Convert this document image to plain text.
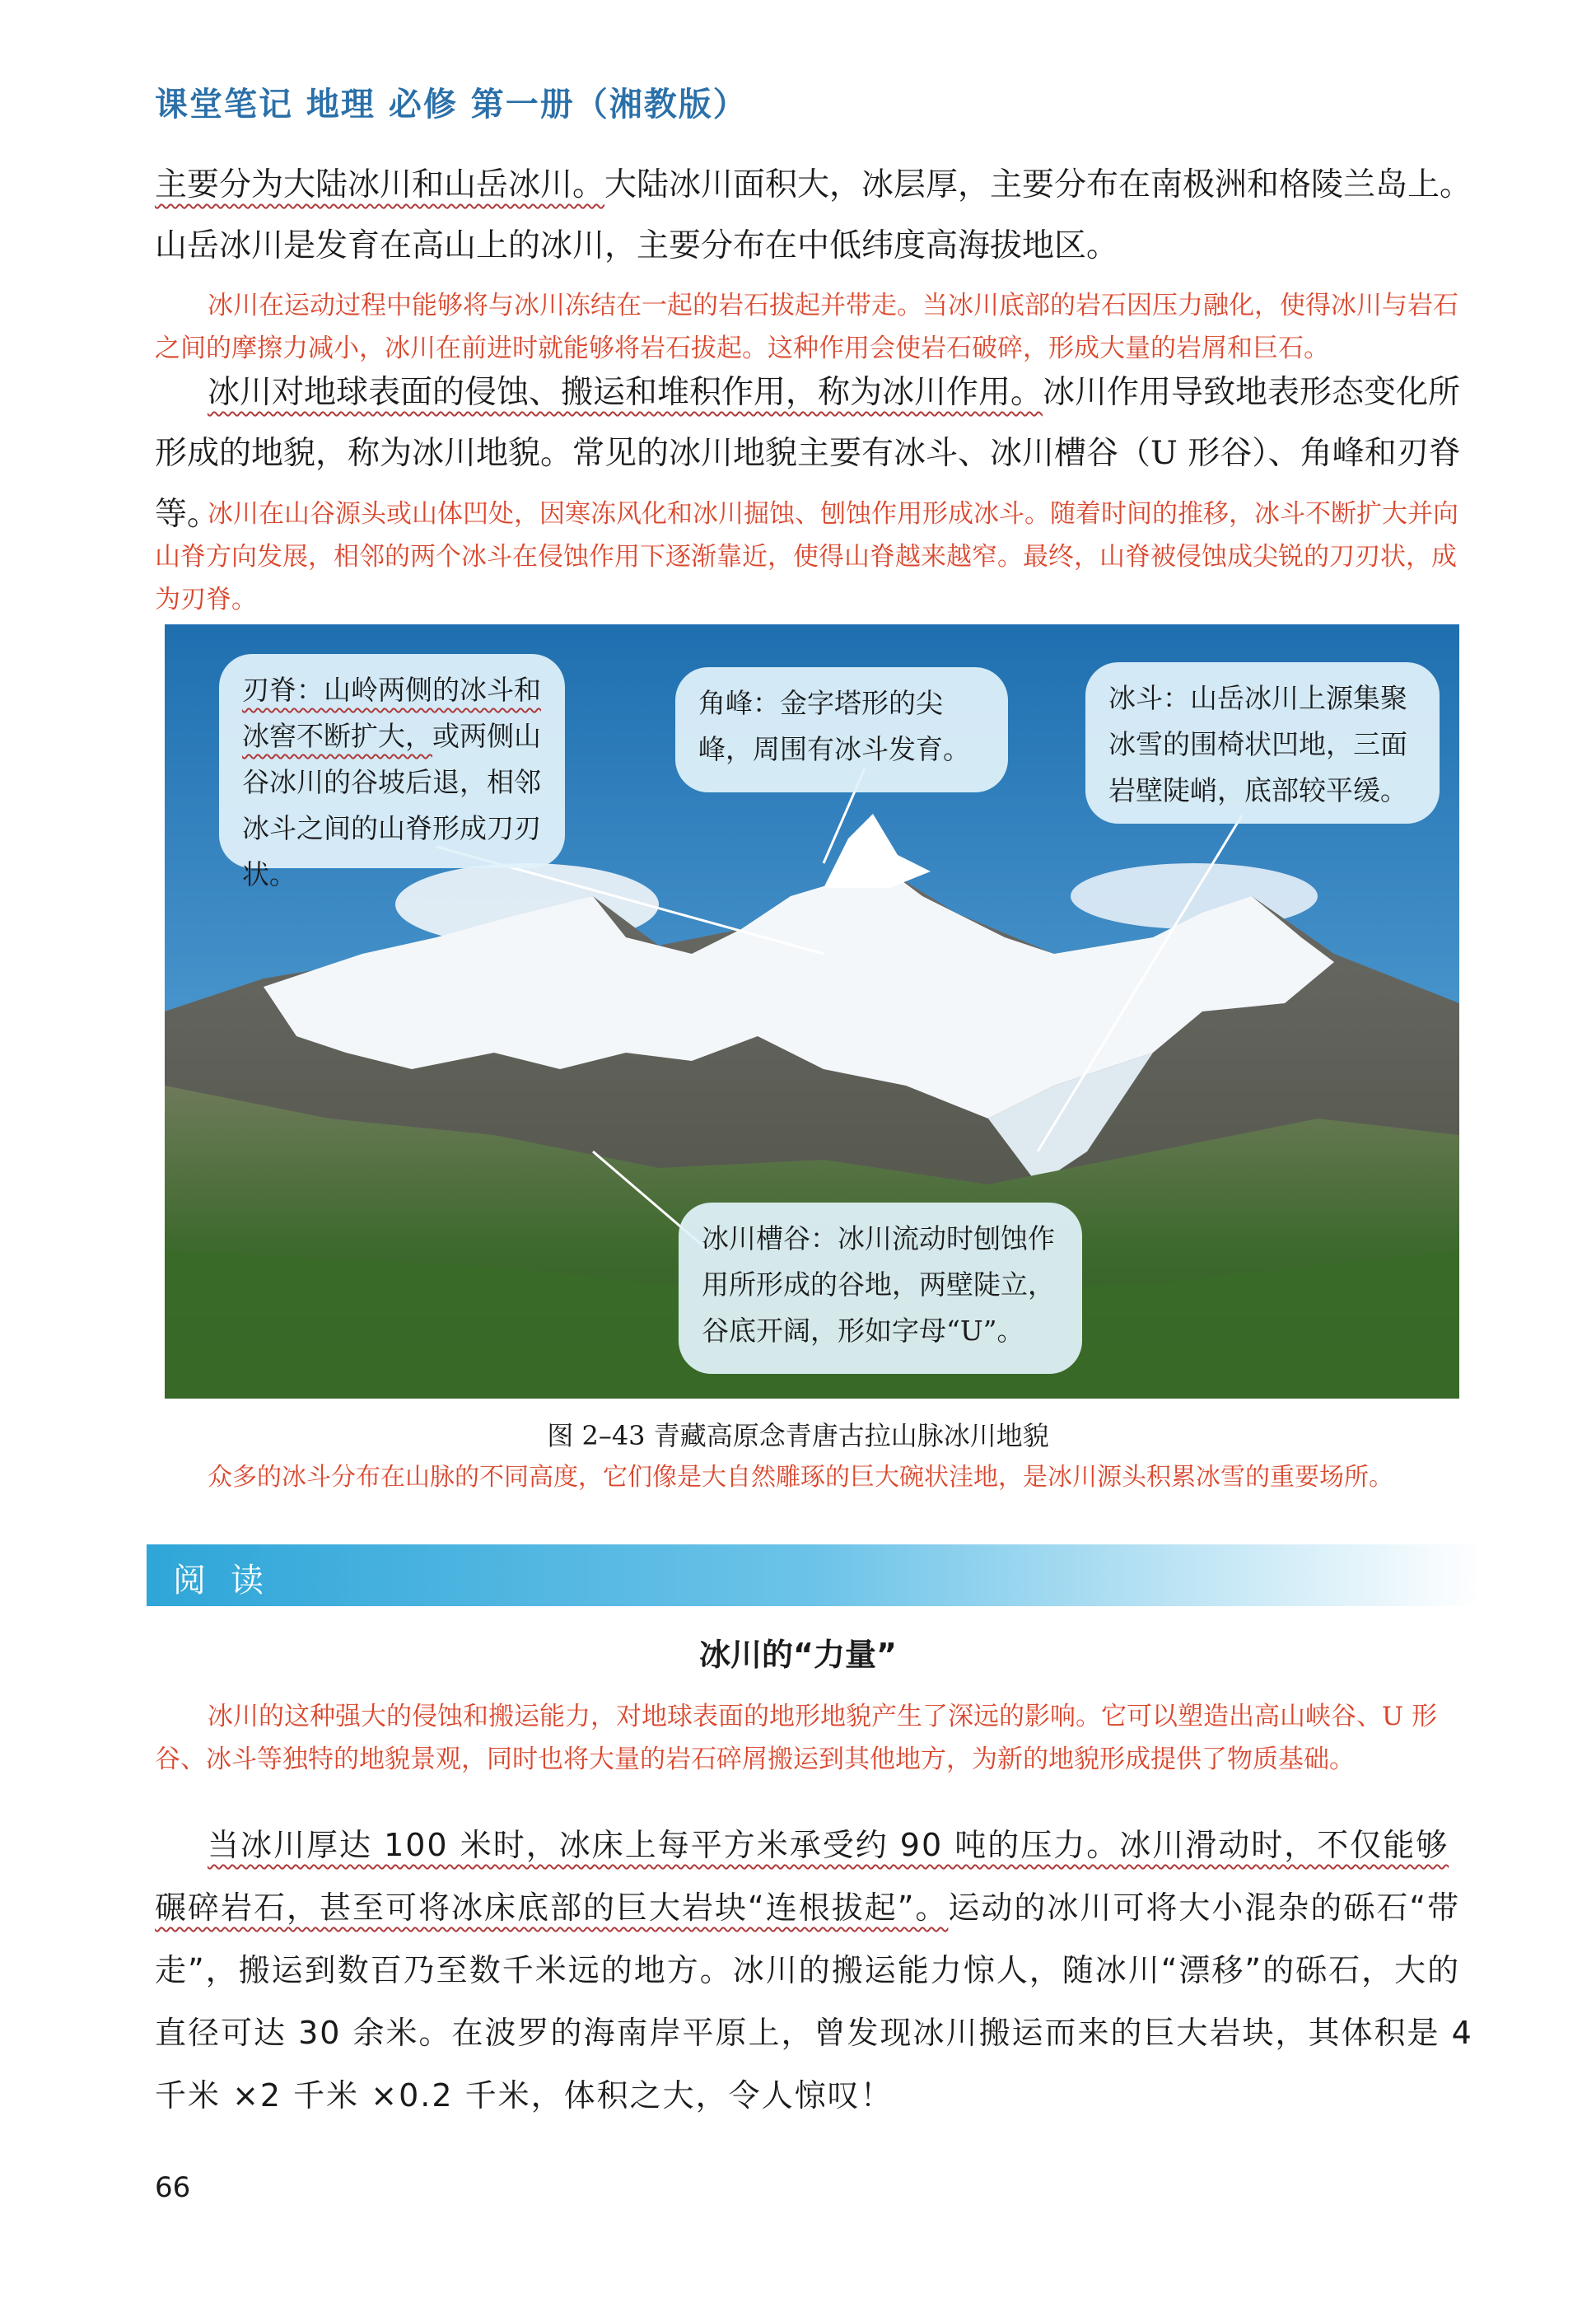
课堂笔记 地理 必修 第一册（湘教版）
主要分为大陆冰川和山岳冰川。大陆冰川面积大，冰层厚，主要分布在南极洲和格陵兰岛上。山岳冰川是发育在高山上的冰川，主要分布在中低纬度高海拔地区。
冰川在运动过程中能够将与冰川冻结在一起的岩石拔起并带走。当冰川底部的岩石因压力融化，使得冰川与岩石之间的摩擦力减小，冰川在前进时就能够将岩石拔起。这种作用会使岩石破碎，形成大量的岩屑和巨石。
冰川对地球表面的侵蚀、搬运和堆积作用，称为冰川作用。冰川作用导致地表形态变化所形成的地貌，称为冰川地貌。常见的冰川地貌主要有冰斗、冰川槽谷（U 形谷）、角峰和刃脊等。
冰川在山谷源头或山体凹处，因寒冻风化和冰川掘蚀、刨蚀作用形成冰斗。随着时间的推移，冰斗不断扩大并向山脊方向发展，相邻的两个冰斗在侵蚀作用下逐渐靠近，使得山脊越来越窄。最终，山脊被侵蚀成尖锐的刀刃状，成为刃脊。
刃脊：山岭两侧的冰斗和冰窖不断扩大，或两侧山谷冰川的谷坡后退，相邻冰斗之间的山脊形成刀刃状。
角峰：金字塔形的尖峰，周围有冰斗发育。
冰斗：山岳冰川上源集聚冰雪的围椅状凹地，三面岩壁陡峭，底部较平缓。
冰川槽谷：冰川流动时刨蚀作用所形成的谷地，两壁陡立，谷底开阔，形如字母“U”。
图 2–43 青藏高原念青唐古拉山脉冰川地貌
众多的冰斗分布在山脉的不同高度，它们像是大自然雕琢的巨大碗状洼地，是冰川源头积累冰雪的重要场所。
阅读
冰川的“力量”
冰川的这种强大的侵蚀和搬运能力，对地球表面的地形地貌产生了深远的影响。它可以塑造出高山峡谷、U 形谷、冰斗等独特的地貌景观，同时也将大量的岩石碎屑搬运到其他地方，为新的地貌形成提供了物质基础。
当冰川厚达 100 米时，冰床上每平方米承受约 90 吨的压力。冰川滑动时，不仅能够碾碎岩石，甚至可将冰床底部的巨大岩块“连根拔起”。运动的冰川可将大小混杂的砾石“带走”，搬运到数百乃至数千米远的地方。冰川的搬运能力惊人，随冰川“漂移”的砾石，大的直径可达 30 余米。在波罗的海南岸平原上，曾发现冰川搬运而来的巨大岩块，其体积是 4 千米 ×2 千米 ×0.2 千米，体积之大，令人惊叹！
66
